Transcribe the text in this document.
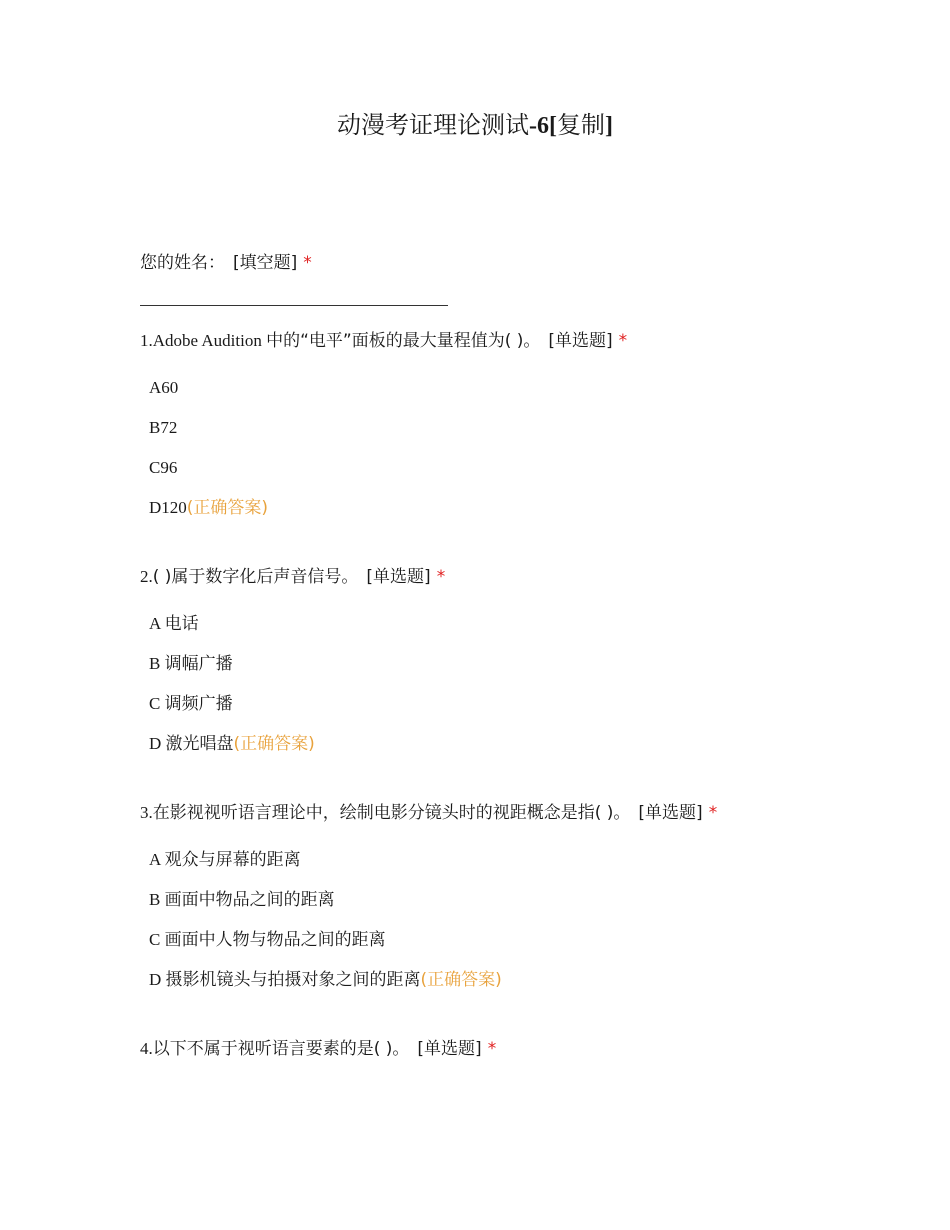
动漫考证理论测试-6[复制]
您的姓名： [填空题] *
1.Adobe Audition 中的“电平”面板的最大量程值为( )。 [单选题] *
A60
B72
C96
D120(正确答案)
2.( )属于数字化后声音信号。 [单选题] *
A 电话
B 调幅广播
C 调频广播
D 激光唱盘(正确答案)
3.在影视视听语言理论中，绘制电影分镜头时的视距概念是指( )。 [单选题] *
A 观众与屏幕的距离
B 画面中物品之间的距离
C 画面中人物与物品之间的距离
D 摄影机镜头与拍摄对象之间的距离(正确答案)
4.以下不属于视听语言要素的是( )。 [单选题] *
